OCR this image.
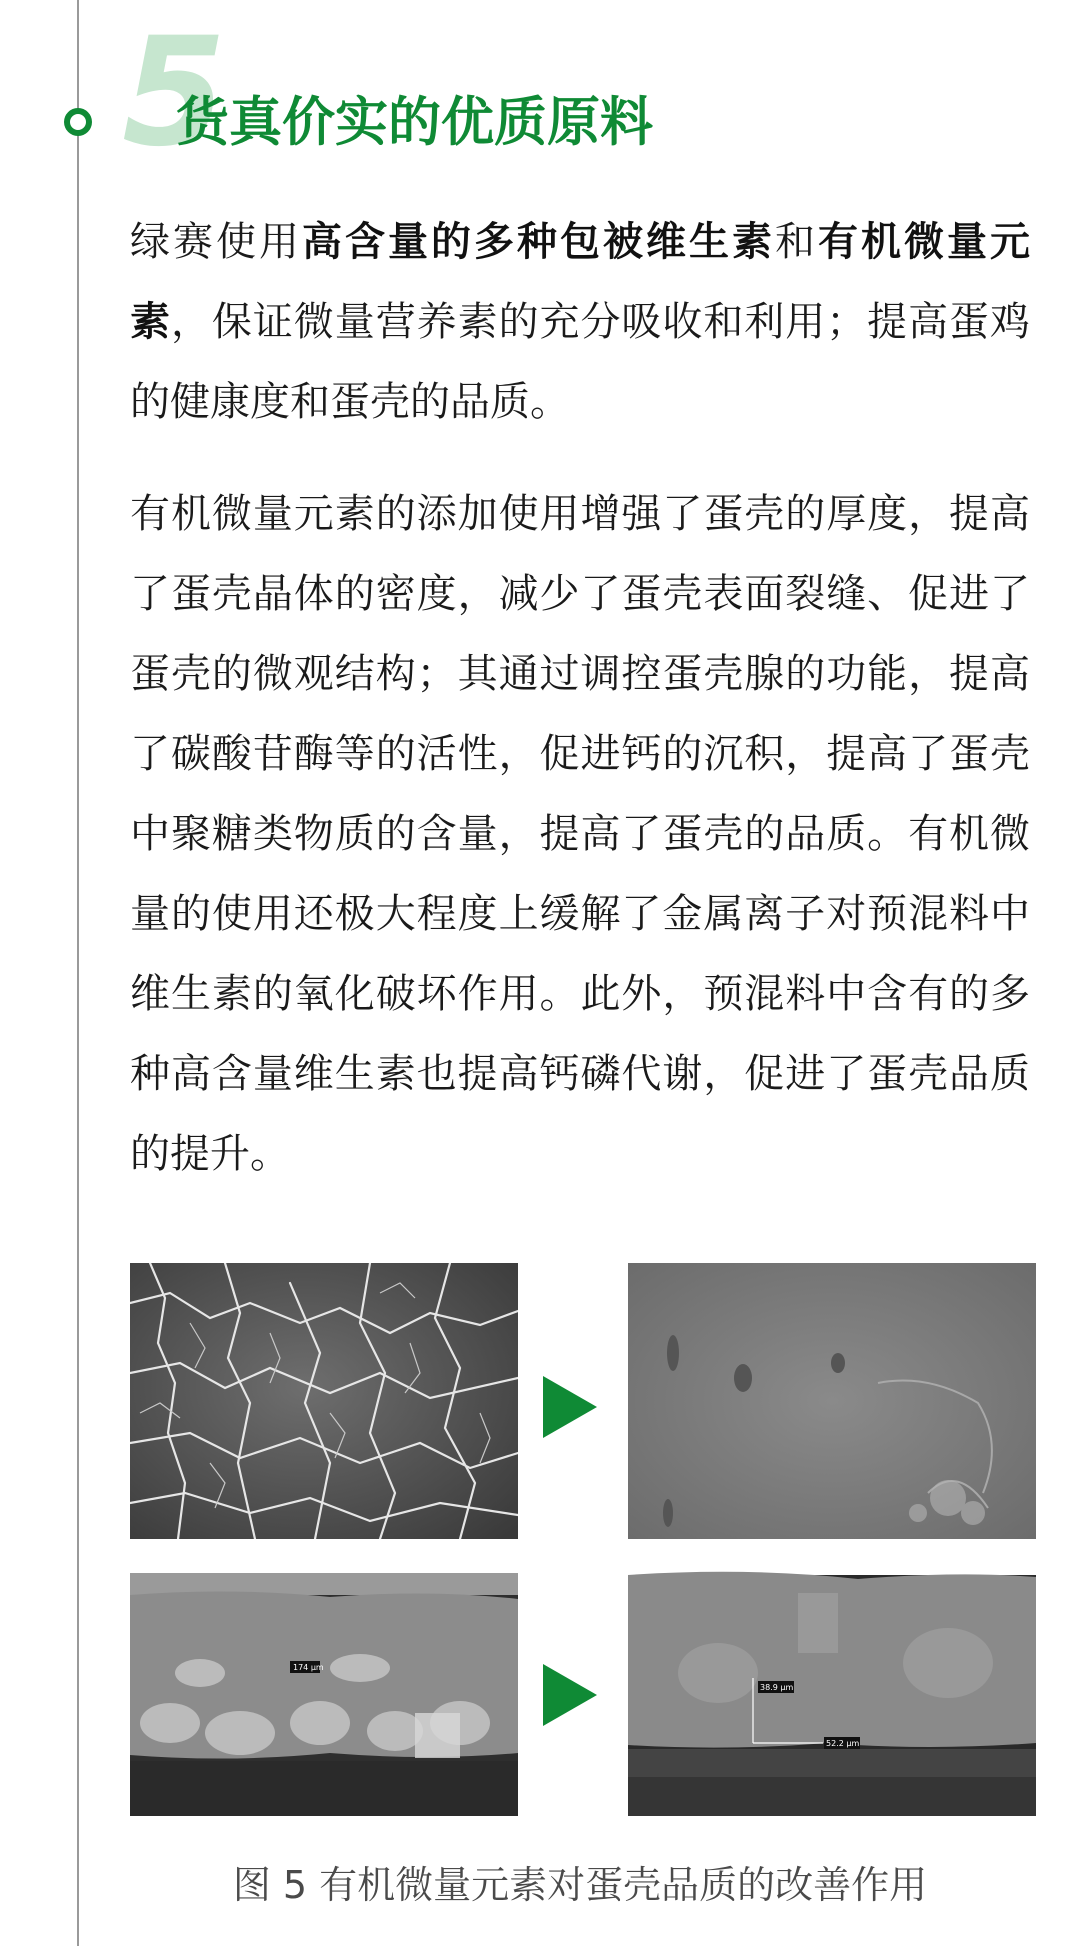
5
货真价实的优质原料

绿赛使用高含量的多种包被维生素和有机微量元素，保证微量营养素的充分吸收和利用；提高蛋鸡的健康度和蛋壳的品质。

有机微量元素的添加使用增强了蛋壳的厚度，提高了蛋壳晶体的密度，减少了蛋壳表面裂缝、促进了蛋壳的微观结构；其通过调控蛋壳腺的功能，提高了碳酸苷酶等的活性，促进钙的沉积，提高了蛋壳中聚糖类物质的含量，提高了蛋壳的品质。有机微量的使用还极大程度上缓解了金属离子对预混料中维生素的氧化破坏作用。此外，预混料中含有的多种高含量维生素也提高钙磷代谢，促进了蛋壳品质的提升。

174 μm
38.9 μm
52.2 μm
图 5 有机微量元素对蛋壳品质的改善作用
